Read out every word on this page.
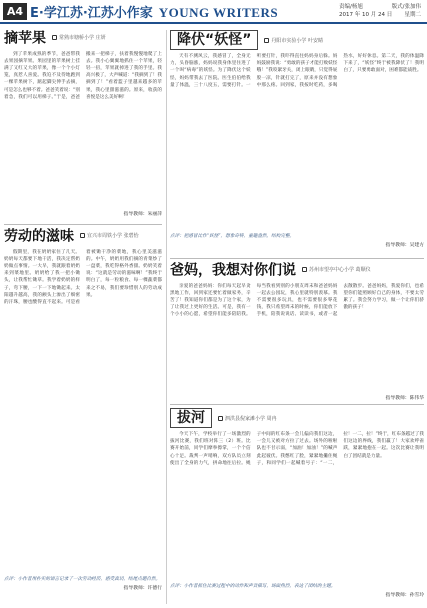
A4 E·学江苏·江苏小作家 YOUNG WRITERS	责编/杨旭	版式/张加伟
2017 年 10 月 24 日 星期二
摘苹果	常熟市塘桥小学 庄妍
到了苹果成熟的季节，爸爸带我去果园摘苹果。果园里的苹果树上挂满了又红又大的苹果，像一个个小灯笼，真惹人喜爱。我迫不及待地跑到一棵苹果树下，踮起脚尖伸手去摘，可是怎么也够不着。爸爸笑着说：“别着急，我们可以用梯子。”于是，爸爸搬来一把梯子，扶着我慢慢地爬了上去。我小心翼翼地抓住一个苹果，轻轻一扭，苹果就掉进了我的手里。我高兴极了，大声喊道：“我摘到了！我摘到了！”看着篮子里越来越多的苹果，我心里甜滋滋的。原来，收获的喜悦是这么美好啊！
指导教师：朱丽萍
劳动的滋味	宜兴市周铁小学 张碧怡
假期里，我在奶奶家住了几天。奶奶每天都要下地干活，我决定帮奶奶做点事情。一大早，我就跟着奶奶来到菜地里。奶奶给了我一把小锄头，让我帮忙锄草。我学着奶奶的样子，弯下腰，一下一下地锄起来。太阳越升越高，我的额头上渗出了细密的汗珠，腰也酸得直不起来。可是看着被锄干净的菜地，我心里美滋滋的。中午，奶奶用我们摘的青菜炒了一盘菜，我吃得格外香甜。奶奶笑着说：“这就是劳动的滋味啊！”我终于明白了，每一粒粮食、每一棵蔬菜都来之不易，我们要珍惜别人的劳动成果。
点评：小作者用朴实的语言记录了一次劳动经历，感受真切，结尾点题自然。
指导教师：许德行
降伏“妖怪”	丹阳市实验小学 叶安睛
天有不测风云，我感冒了，全身无力，头昏脑涨，妈妈说我身体里住进了一个叫“病毒”的妖怪。为了降伏这个妖怪，妈妈带我去了医院。医生伯伯给我量了体温，三十八度五，需要打针。一听要打针，我吓得直往妈妈身后躲。妈妈鼓励我说：“勇敢的孩子才能打败妖怪哦！”我咬紧牙关，闭上眼睛，只觉得屁股一凉，针就打完了，原来并没有想象中那么疼。回到家，我按时吃药，多喝热水，好好休息。第二天，我的体温降下来了，“妖怪”终于被我降伏了！我明白了，只要勇敢面对，困难都能战胜。
点评：把感冒比作“妖怪”，想象奇特，童趣盎然，结构完整。
指导教师：吴建方
爸妈，我想对你们说	苏州市望亭中心小学 葛顺仪
亲爱的爸爸妈妈：你们每天起早贪黑地工作，回到家还要忙着做家务，辛苦了！我知道你们都是为了这个家，为了让我过上更好的生活。可是，我有一个小小的心愿，希望你们能多陪陪我。每当我看到别的小朋友周末和爸爸妈妈一起去公园玩，我心里就特别羡慕。我不需要很多玩具，也不需要很多零花钱，我只希望周末的时候，你们能放下手机，陪我说说话、读读书，或者一起去散散步。爸爸妈妈，我爱你们，也希望你们能照顾好自己的身体，不要太劳累了。我会努力学习，做一个让你们骄傲的孩子！
指导教师：陈伟华
拔河	泗洪县倪家滩小学 周冉
今天下午，学校举行了一场激烈的拔河比赛，我们班对阵三（2）班。比赛开始前，同学们摩拳擦掌，一个个信心十足。裁判一声哨响，双方队员立刻使出了全身的力气，拼命地往后拉。绳子中间的红布条一会儿偏向我们这边，一会儿又被对方拉了过去。场外的啦啦队也不甘示弱，“加油！加油！”的喊声此起彼伏。我憋红了脸，紧紧地攥住绳子，和同学们一起喊着号子：“一二，拉！一二，拉！”终于，红布条越过了我们这边的界线，我们赢了！大家欢呼雀跃，紧紧地抱在一起。这次比赛让我明白了团结就是力量。
点评：小作者抓住比赛过程中的动作和声音描写，场面热烈，表达了团结的主题。
指导教师：孙雪玲
